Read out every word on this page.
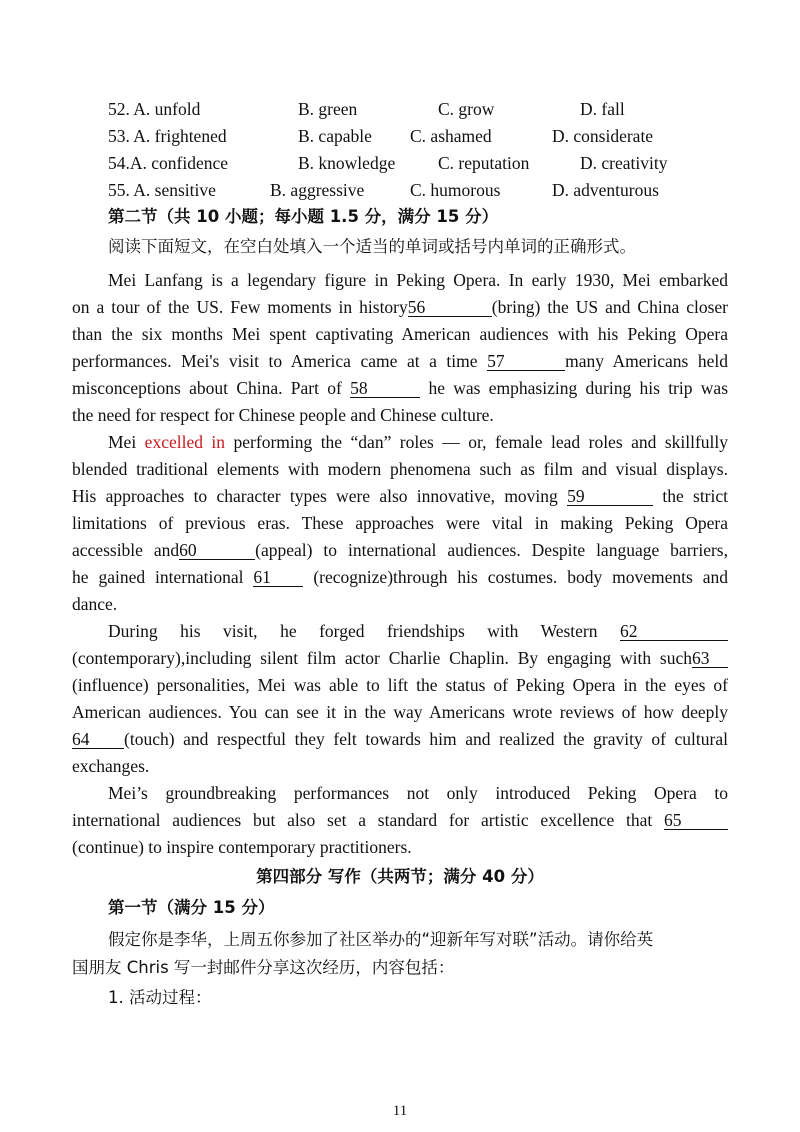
52. A. unfold	B. green	C. grow	D. fall
53. A. frightened	B. capable C. ashamed	D. considerate
54.A. confidence	B. knowledge C. reputation	D. creativity
55. A. sensitive	B. aggressive	C. humorous	D. adventurous
第二节（共 10 小题；每小题 1.5 分，满分 15 分）
阅读下面短文，在空白处填入一个适当的单词或括号内单词的正确形式。
Mei Lanfang is a legendary figure in Peking Opera. In early 1930, Mei embarked
on a tour of the US. Few moments in history56	(bring) the US and China closer
than the six months Mei spent captivating American audiences with his Peking Opera
performances. Mei's visit to America came at a time 57	many Americans held
misconceptions about China. Part of 58	he was emphasizing during his trip was
the need for respect for Chinese people and Chinese culture.
Mei excelled in performing the “dan” roles — or, female lead roles and skillfully
blended traditional elements with modern phenomena such as film and visual displays.
His approaches to character types were also innovative, moving 59	the strict
limitations of previous eras. These approaches were vital in making Peking Opera
accessible and60	(appeal) to international audiences. Despite language barriers,
he gained international 61 (recognize)through his costumes. body movements and
dance.
During his visit, he forged friendships with Western 62
(contemporary),including silent film actor Charlie Chaplin. By engaging with such63
(influence) personalities, Mei was able to lift the status of Peking Opera in the eyes of
American audiences. You can see it in the way Americans wrote reviews of how deeply
64 (touch) and respectful they felt towards him and realized the gravity of cultural
exchanges.
Mei’s groundbreaking performances not only introduced Peking Opera to
international audiences but also set a standard for artistic excellence that 65
(continue) to inspire contemporary practitioners.
第四部分 写作（共两节；满分 40 分）
第一节（满分 15 分）
假定你是李华，上周五你参加了社区举办的“迎新年写对联”活动。请你给英
国朋友 Chris 写一封邮件分享这次经历，内容包括：
1. 活动过程：
11
